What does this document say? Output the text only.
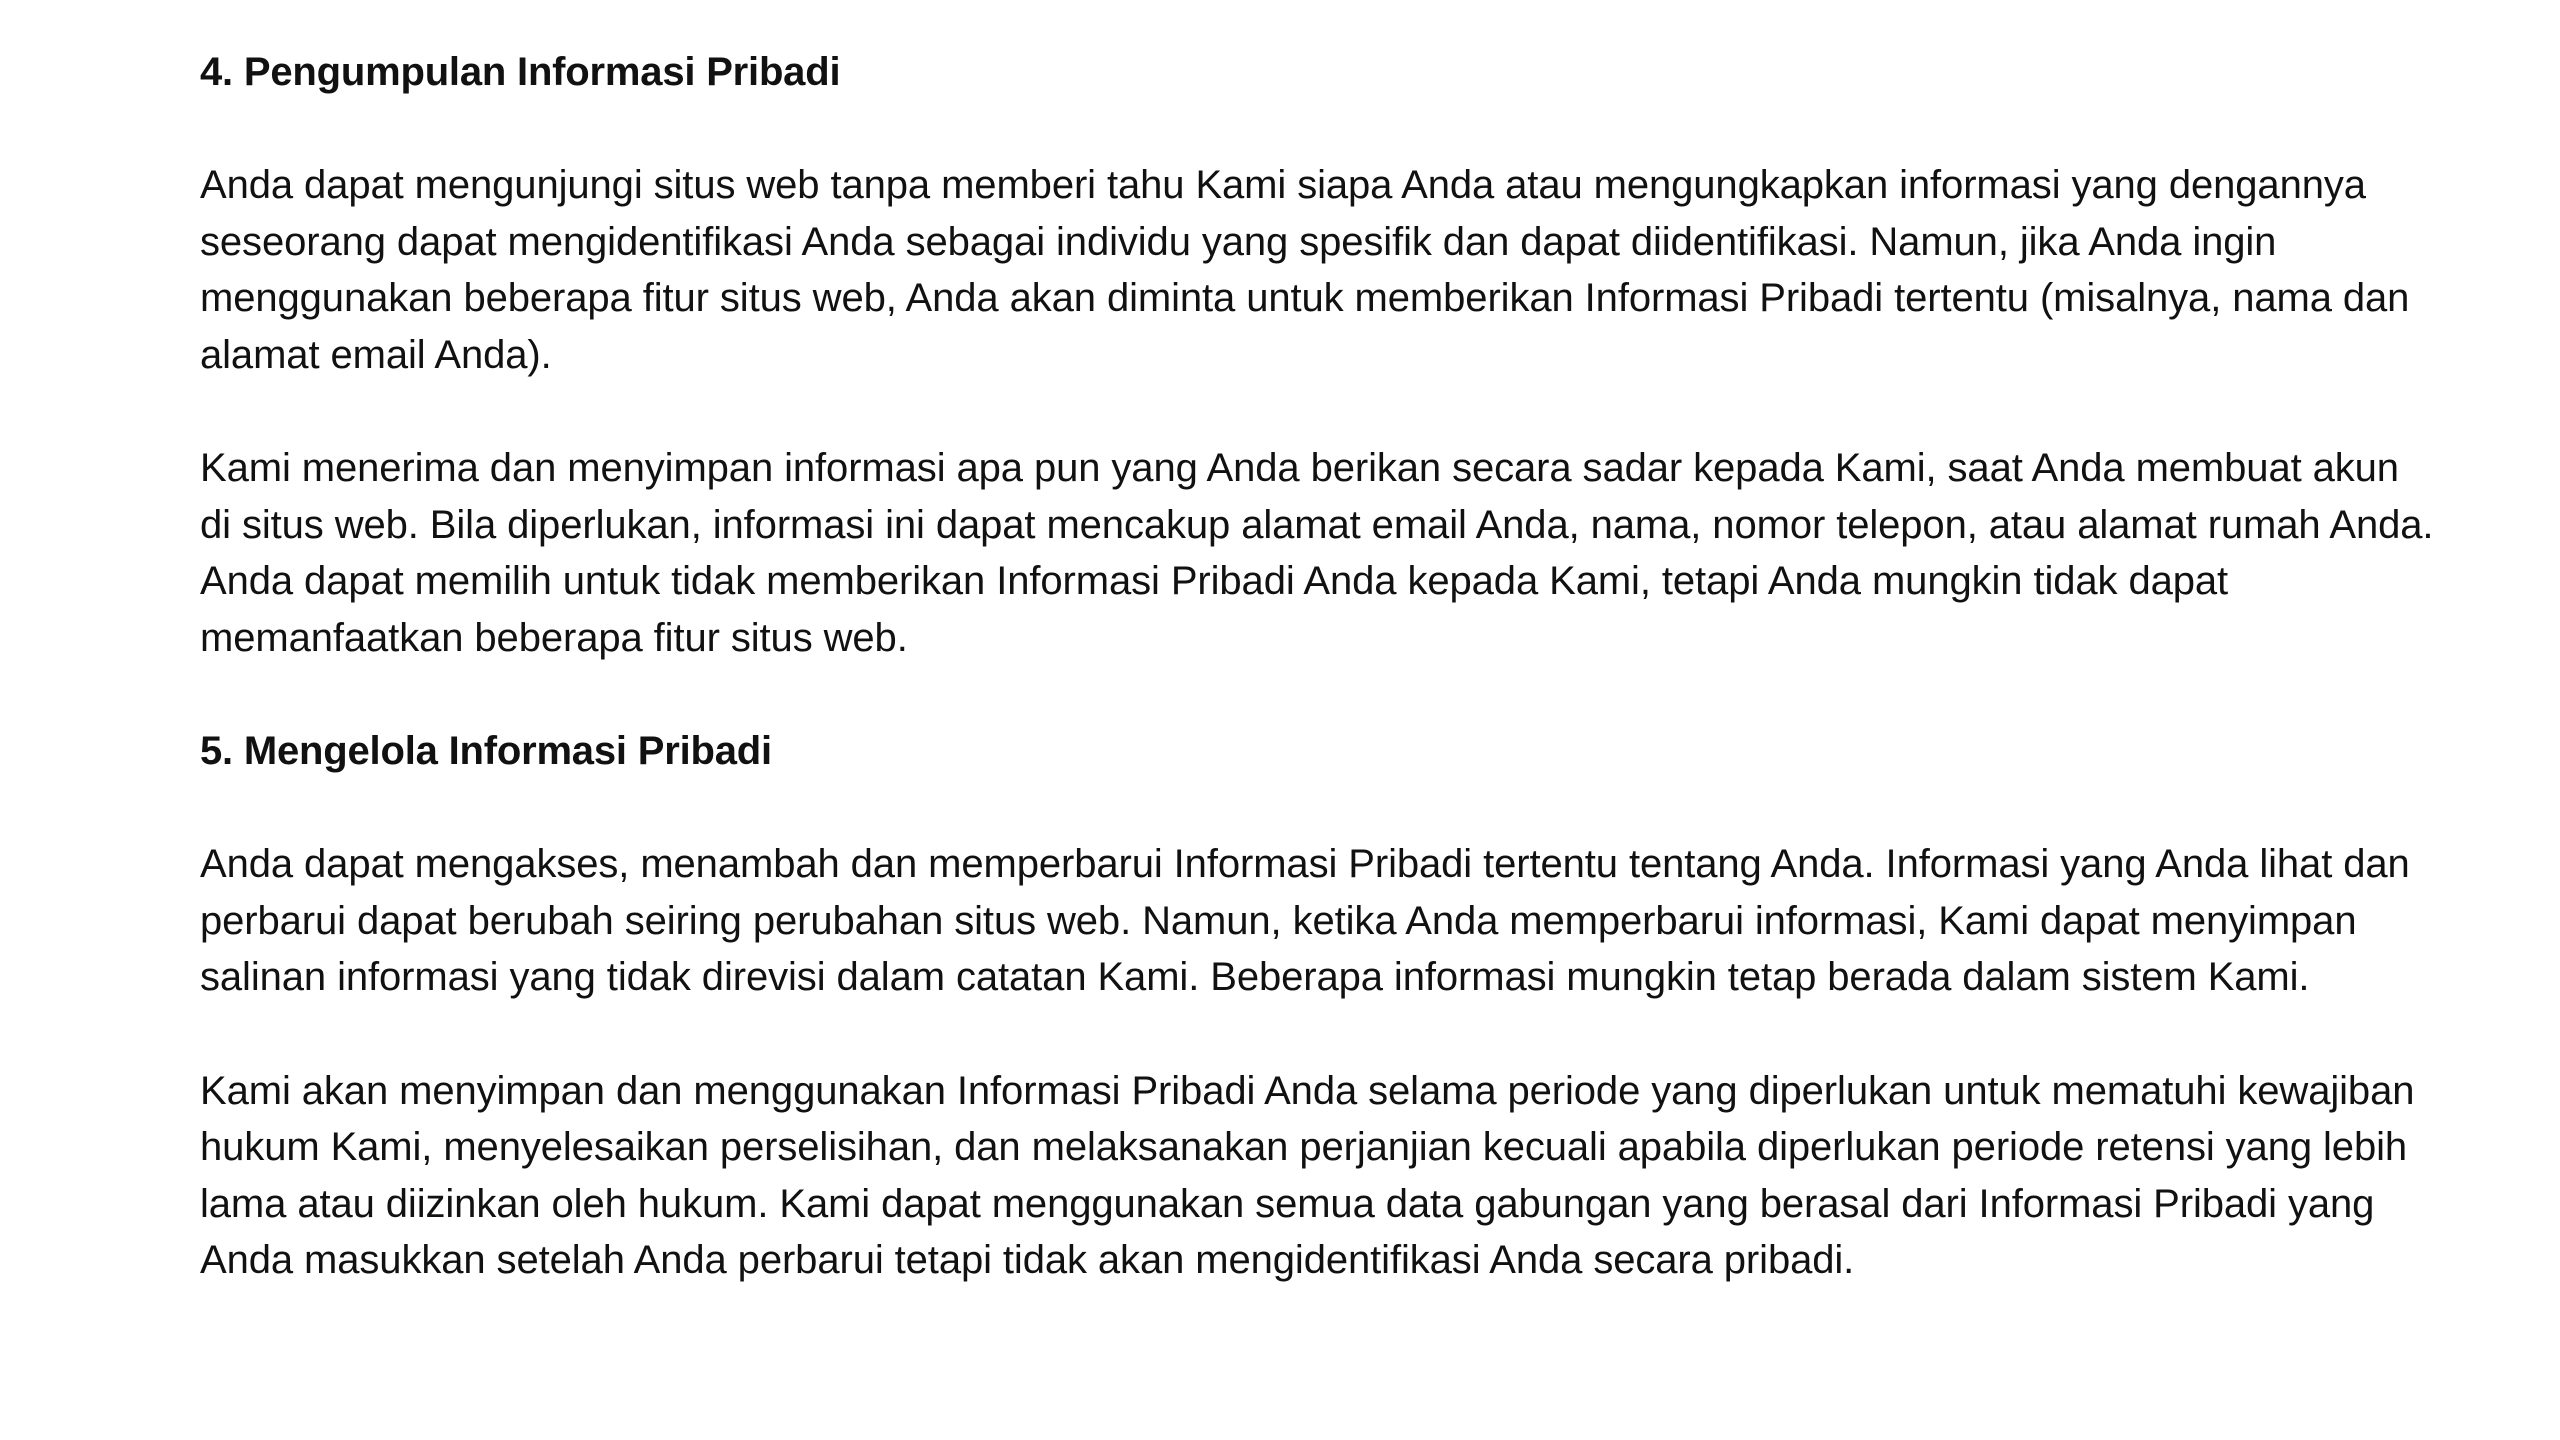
4. Pengumpulan Informasi Pribadi

Anda dapat mengunjungi situs web tanpa memberi tahu Kami siapa Anda atau mengungkapkan informasi yang dengannya seseorang dapat mengidentifikasi Anda sebagai individu yang spesifik dan dapat diidentifikasi. Namun, jika Anda ingin menggunakan beberapa fitur situs web, Anda akan diminta untuk memberikan Informasi Pribadi tertentu (misalnya, nama dan alamat email Anda).

Kami menerima dan menyimpan informasi apa pun yang Anda berikan secara sadar kepada Kami, saat Anda membuat akun di situs web. Bila diperlukan, informasi ini dapat mencakup alamat email Anda, nama, nomor telepon, atau alamat rumah Anda. Anda dapat memilih untuk tidak memberikan Informasi Pribadi Anda kepada Kami, tetapi Anda mungkin tidak dapat memanfaatkan beberapa fitur situs web.

5. Mengelola Informasi Pribadi

Anda dapat mengakses, menambah dan memperbarui Informasi Pribadi tertentu tentang Anda. Informasi yang Anda lihat dan perbarui dapat berubah seiring perubahan situs web. Namun, ketika Anda memperbarui informasi, Kami dapat menyimpan salinan informasi yang tidak direvisi dalam catatan Kami. Beberapa informasi mungkin tetap berada dalam sistem Kami.

Kami akan menyimpan dan menggunakan Informasi Pribadi Anda selama periode yang diperlukan untuk mematuhi kewajiban hukum Kami, menyelesaikan perselisihan, dan melaksanakan perjanjian kecuali apabila diperlukan periode retensi yang lebih lama atau diizinkan oleh hukum. Kami dapat menggunakan semua data gabungan yang berasal dari Informasi Pribadi yang Anda masukkan setelah Anda perbarui tetapi tidak akan mengidentifikasi Anda secara pribadi.
